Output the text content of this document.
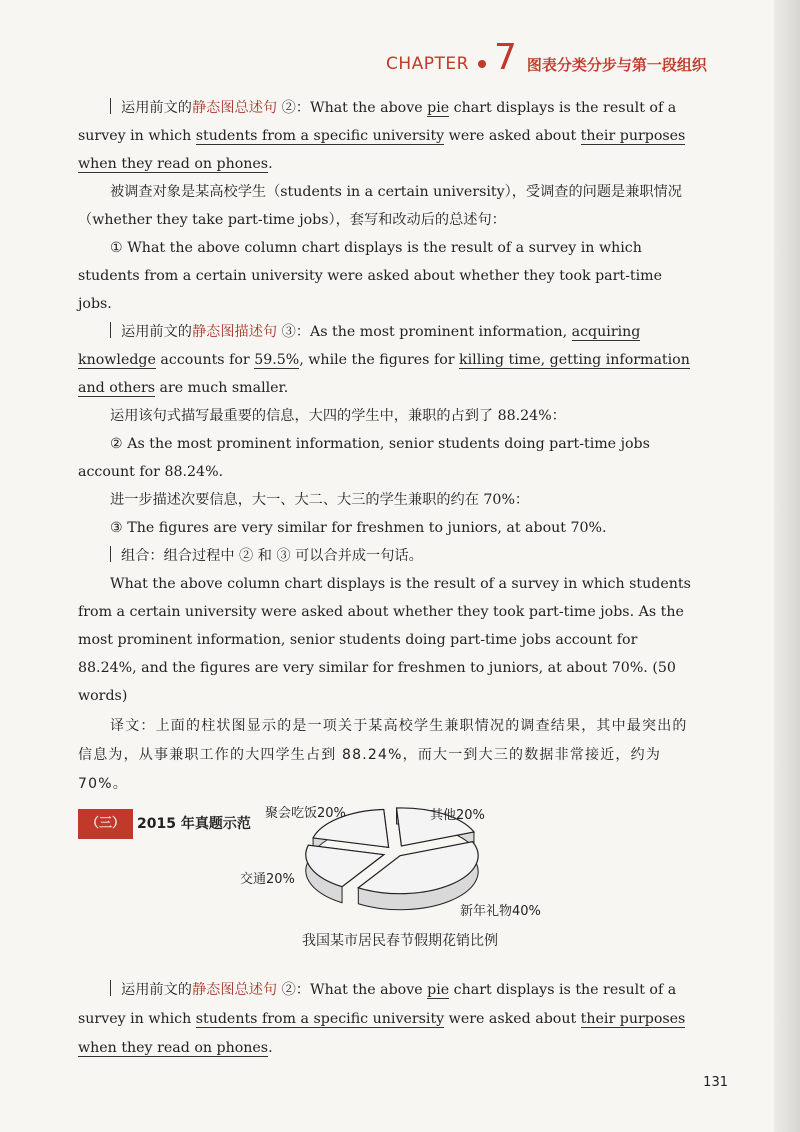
CHAPTER 7 图表分类分步与第一段组织

运用前文的静态图总述句 ②：What the above pie chart displays is the result of a survey in which students from a specific university were asked about their purposes when they read on phones.

被调查对象是某高校学生（students in a certain university），受调查的问题是兼职情况（whether they take part-time jobs），套写和改动后的总述句：

① What the above column chart displays is the result of a survey in which students from a certain university were asked about whether they took part-time jobs.

运用前文的静态图描述句 ③：As the most prominent information, acquiring knowledge accounts for 59.5%, while the figures for killing time, getting information and others are much smaller.

运用该句式描写最重要的信息，大四的学生中，兼职的占到了 88.24%：

② As the most prominent information, senior students doing part-time jobs account for 88.24%.

进一步描述次要信息，大一、大二、大三的学生兼职的约在 70%：

③ The figures are very similar for freshmen to juniors, at about 70%.

组合：组合过程中 ② 和 ③ 可以合并成一句话。

What the above column chart displays is the result of a survey in which students from a certain university were asked about whether they took part-time jobs. As the most prominent information, senior students doing part-time jobs account for 88.24%, and the figures are very similar for freshmen to juniors, at about 70%. (50 words)

译文：上面的柱状图显示的是一项关于某高校学生兼职情况的调查结果，其中最突出的信息为，从事兼职工作的大四学生占到 88.24%，而大一到大三的数据非常接近，约为 70%。

（三） 2015 年真题示范
聚会吃饭20%	其他20%
新年礼物40%
交通20%
我国某市居民春节假期花销比例

运用前文的静态图总述句 ②：What the above pie chart displays is the result of a survey in which students from a specific university were asked about their purposes when they read on phones.

131
